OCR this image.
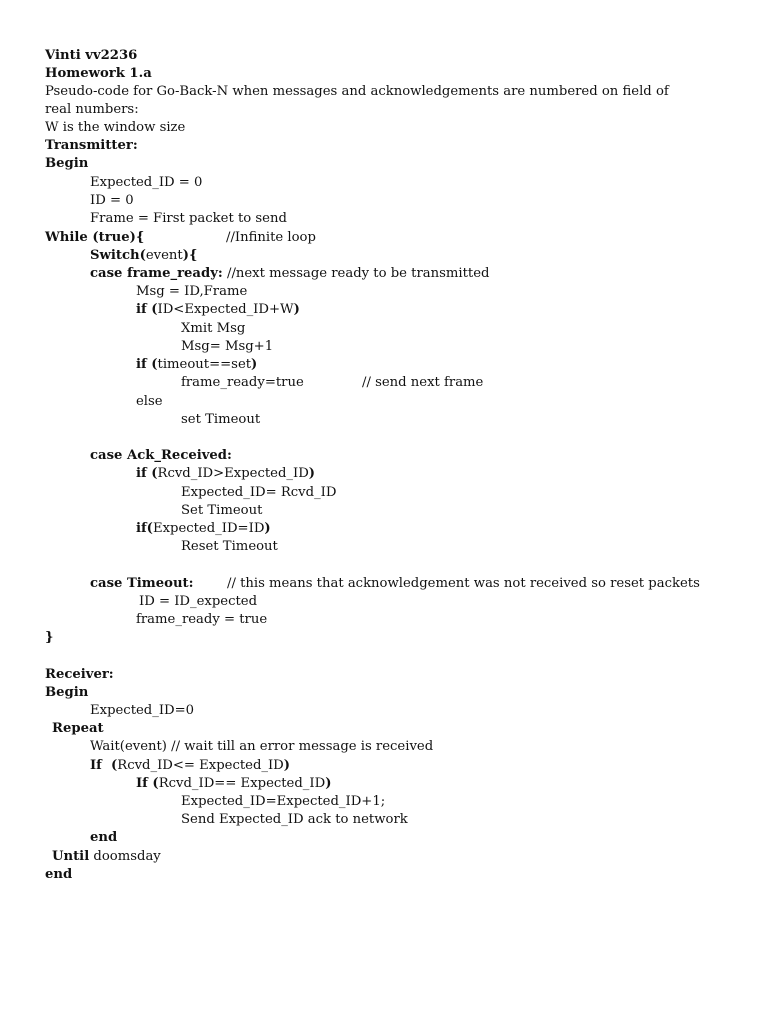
Vinti vv2236
Homework 1.a
Pseudo-code for Go-Back-N when messages and acknowledgements are numbered on field of real numbers:
W is the window size
Transmitter:
Begin
Expected_ID = 0
ID = 0
Frame = First packet to send
While (true){	//Infinite loop
Switch(event){
case frame_ready: //next message ready to be transmitted
Msg = ID,Frame
if (ID<Expected_ID+W)
Xmit Msg
Msg= Msg+1
if (timeout==set)
frame_ready=true	// send next frame
else
set Timeout
case Ack_Received:
if (Rcvd_ID>Expected_ID)
Expected_ID= Rcvd_ID
Set Timeout
if(Expected_ID=ID)
Reset Timeout
case Timeout:	// this means that acknowledgement was not received so reset packets
ID = ID_expected
frame_ready = true
}
Receiver:
Begin
Expected_ID=0
Repeat
Wait(event) // wait till an error message is received
If  (Rcvd_ID<= Expected_ID)
If (Rcvd_ID== Expected_ID)
Expected_ID=Expected_ID+1;
Send Expected_ID ack to network
end
Until doomsday
end
